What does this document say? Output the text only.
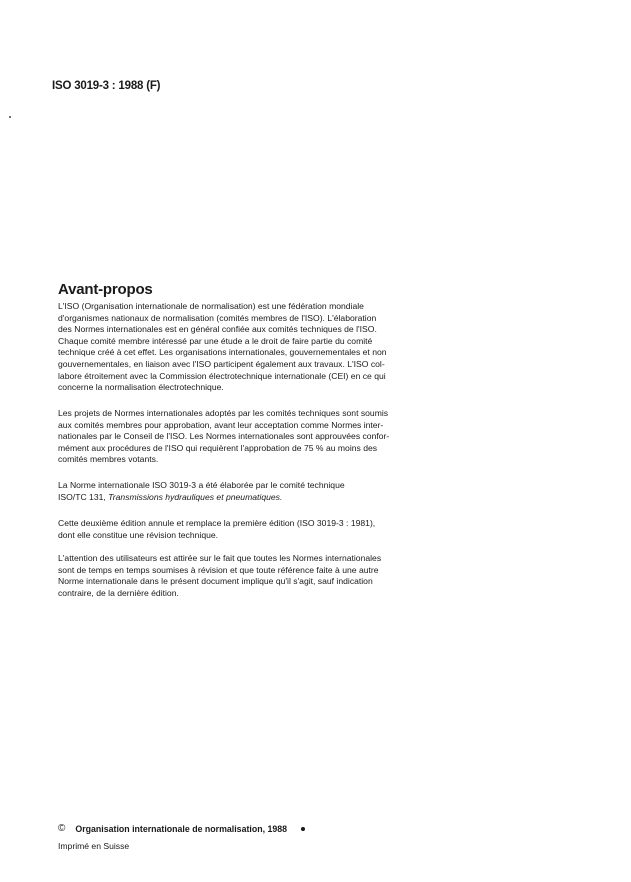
ISO 3019-3 : 1988 (F)
Avant-propos
L'ISO (Organisation internationale de normalisation) est une fédération mondiale
d'organismes nationaux de normalisation (comités membres de l'ISO). L'élaboration
des Normes internationales est en général confiée aux comités techniques de l'ISO.
Chaque comité membre intéressé par une étude a le droit de faire partie du comité
technique créé à cet effet. Les organisations internationales, gouvernementales et non
gouvernementales, en liaison avec l'ISO participent également aux travaux. L'ISO col-
labore étroitement avec la Commission électrotechnique internationale (CEI) en ce qui
concerne la normalisation électrotechnique.
Les projets de Normes internationales adoptés par les comités techniques sont soumis
aux comités membres pour approbation, avant leur acceptation comme Normes inter-
nationales par le Conseil de l'ISO. Les Normes internationales sont approuvées confor-
mément aux procédures de l'ISO qui requièrent l'approbation de 75 % au moins des
comités membres votants.
La Norme internationale ISO 3019-3 a été élaborée par le comité technique
ISO/TC 131, Transmissions hydrauliques et pneumatiques.
Cette deuxième édition annule et remplace la première édition (ISO 3019-3 : 1981),
dont elle constitue une révision technique.
L'attention des utilisateurs est attirée sur le fait que toutes les Normes internationales
sont de temps en temps soumises à révision et que toute référence faite à une autre
Norme internationale dans le présent document implique qu'il s'agit, sauf indication
contraire, de la dernière édition.
© Organisation internationale de normalisation, 1988
Imprimé en Suisse
